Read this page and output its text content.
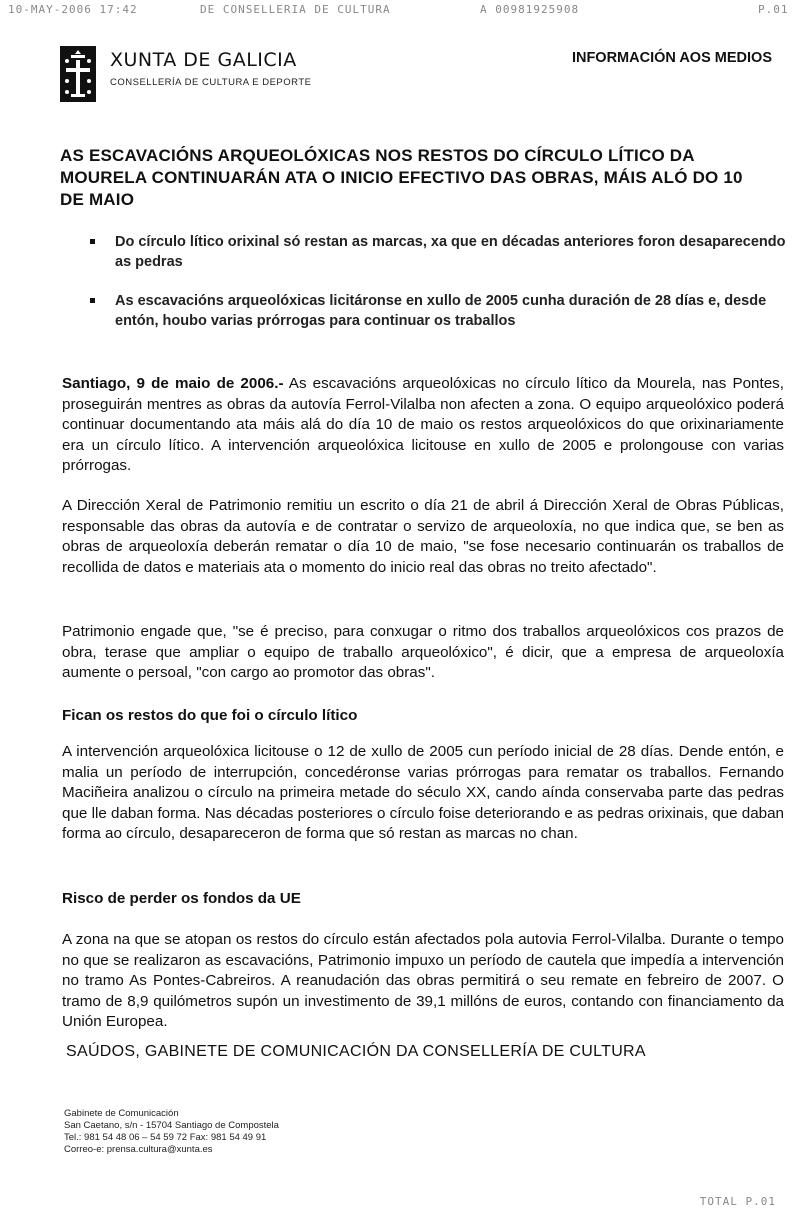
10-MAY-2006 17:42	DE CONSELLERIA DE CULTURA	A 00981925908	P.01
XUNTA DE GALICIA
CONSELLERÍA DE CULTURA E DEPORTE
INFORMACIÓN AOS MEDIOS
AS ESCAVACIÓNS ARQUEOLÓXICAS NOS RESTOS DO CÍRCULO LÍTICO DA MOURELA CONTINUARÁN ATA O INICIO EFECTIVO DAS OBRAS, MÁIS ALÓ DO 10 DE MAIO
Do círculo lítico orixinal só restan as marcas, xa que en décadas anteriores foron desaparecendo as pedras
As escavacións arqueolóxicas licitáronse en xullo de 2005 cunha duración de 28 días e, desde entón, houbo varias prórrogas para continuar os traballos

Santiago, 9 de maio de 2006.- As escavacións arqueolóxicas no círculo lítico da Mourela, nas Pontes, proseguirán mentres as obras da autovía Ferrol-Vilalba non afecten a zona. O equipo arqueolóxico poderá continuar documentando ata máis alá do día 10 de maio os restos arqueolóxicos do que orixinariamente era un círculo lítico. A intervención arqueolóxica licitouse en xullo de 2005 e prolongouse con varias prórrogas.

A Dirección Xeral de Patrimonio remitiu un escrito o día 21 de abril á Dirección Xeral de Obras Públicas, responsable das obras da autovía e de contratar o servizo de arqueoloxía, no que indica que, se ben as obras de arqueoloxía deberán rematar o día 10 de maio, "se fose necesario continuarán os traballos de recollida de datos e materiais ata o momento do inicio real das obras no treito afectado".

Patrimonio engade que, "se é preciso, para conxugar o ritmo dos traballos arqueolóxicos cos prazos de obra, terase que ampliar o equipo de traballo arqueolóxico", é dicir, que a empresa de arqueoloxía aumente o persoal, "con cargo ao promotor das obras".

Fican os restos do que foi o círculo lítico

A intervención arqueolóxica licitouse o 12 de xullo de 2005 cun período inicial de 28 días. Dende entón, e malia un período de interrupción, concedéronse varias prórrogas para rematar os traballos. Fernando Maciñeira analizou o círculo na primeira metade do século XX, cando aínda conservaba parte das pedras que lle daban forma. Nas décadas posteriores o círculo foise deteriorando e as pedras orixinais, que daban forma ao círculo, desapareceron de forma que só restan as marcas no chan.

Risco de perder os fondos da UE

A zona na que se atopan os restos do círculo están afectados pola autovia Ferrol-Vilalba. Durante o tempo no que se realizaron as escavacións, Patrimonio impuxo un período de cautela que impedía a intervención no tramo As Pontes-Cabreiros. A reanudación das obras permitirá o seu remate en febreiro de 2007. O tramo de 8,9 quilómetros supón un investimento de 39,1 millóns de euros, contando con financiamento da Unión Europea.

SAÚDOS, GABINETE DE COMUNICACIÓN DA CONSELLERÍA DE CULTURA
Gabinete de Comunicación
San Caetano, s/n - 15704 Santiago de Compostela
Tel.: 981 54 48 06 – 54 59 72 Fax: 981 54 49 91
Correo-e: prensa.cultura@xunta.es
TOTAL P.01
